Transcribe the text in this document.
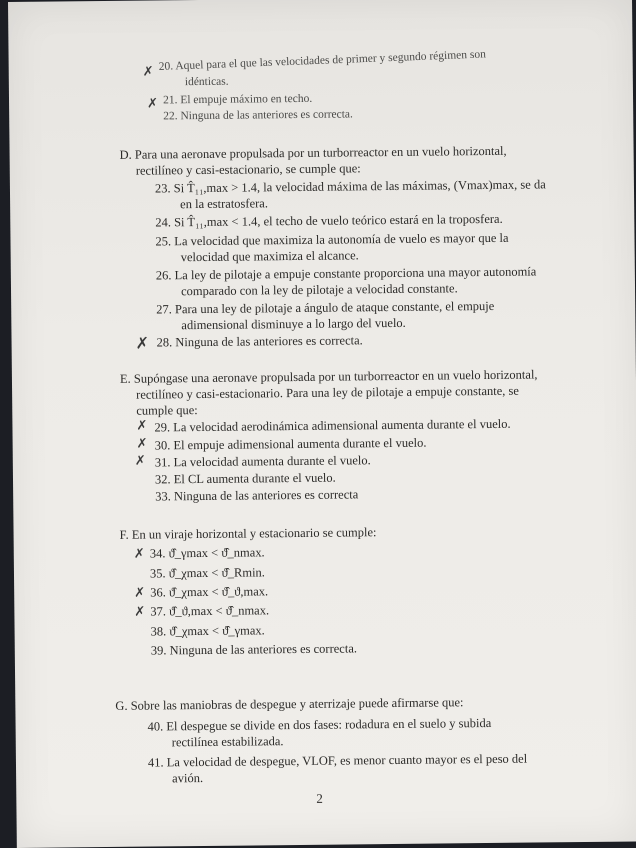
✗ 20. Aquel para el que las velocidades de primer y segundo régimen son
idénticas.
✗ 21. El empuje máximo en techo.
22. Ninguna de las anteriores es correcta.
D. Para una aeronave propulsada por un turborreactor en un vuelo horizontal,
rectilíneo y casi-estacionario, se cumple que:
23. Si T̂₁₁,max > 1.4, la velocidad máxima de las máximas, (Vmax)max, se da
en la estratosfera.
24. Si T̂₁₁,max < 1.4, el techo de vuelo teórico estará en la troposfera.
25. La velocidad que maximiza la autonomía de vuelo es mayor que la
velocidad que maximiza el alcance.
26. La ley de pilotaje a empuje constante proporciona una mayor autonomía
comparado con la ley de pilotaje a velocidad constante.
27. Para una ley de pilotaje a ángulo de ataque constante, el empuje
adimensional disminuye a lo largo del vuelo.
✗ 28. Ninguna de las anteriores es correcta.
E. Supóngase una aeronave propulsada por un turborreactor en un vuelo horizontal,
rectilíneo y casi-estacionario. Para una ley de pilotaje a empuje constante, se
cumple que:
✗ 29. La velocidad aerodinámica adimensional aumenta durante el vuelo.
✗ 30. El empuje adimensional aumenta durante el vuelo.
✗ 31. La velocidad aumenta durante el vuelo.
32. El CL aumenta durante el vuelo.
33. Ninguna de las anteriores es correcta
F. En un viraje horizontal y estacionario se cumple:
✗ 34. ϑ̂_γmax < ϑ̂_nmax.
35. ϑ̂_χmax < ϑ̂_Rmin.
✗ 36. ϑ̂_χmax < ϑ̂_ϑ,max.
✗ 37. ϑ̂_ϑ,max < ϑ̂_nmax.
38. ϑ̂_χmax < ϑ̂_γmax.
39. Ninguna de las anteriores es correcta.
G. Sobre las maniobras de despegue y aterrizaje puede afirmarse que:
40. El despegue se divide en dos fases: rodadura en el suelo y subida
rectilínea estabilizada.
41. La velocidad de despegue, VLOF, es menor cuanto mayor es el peso del
avión.
2
